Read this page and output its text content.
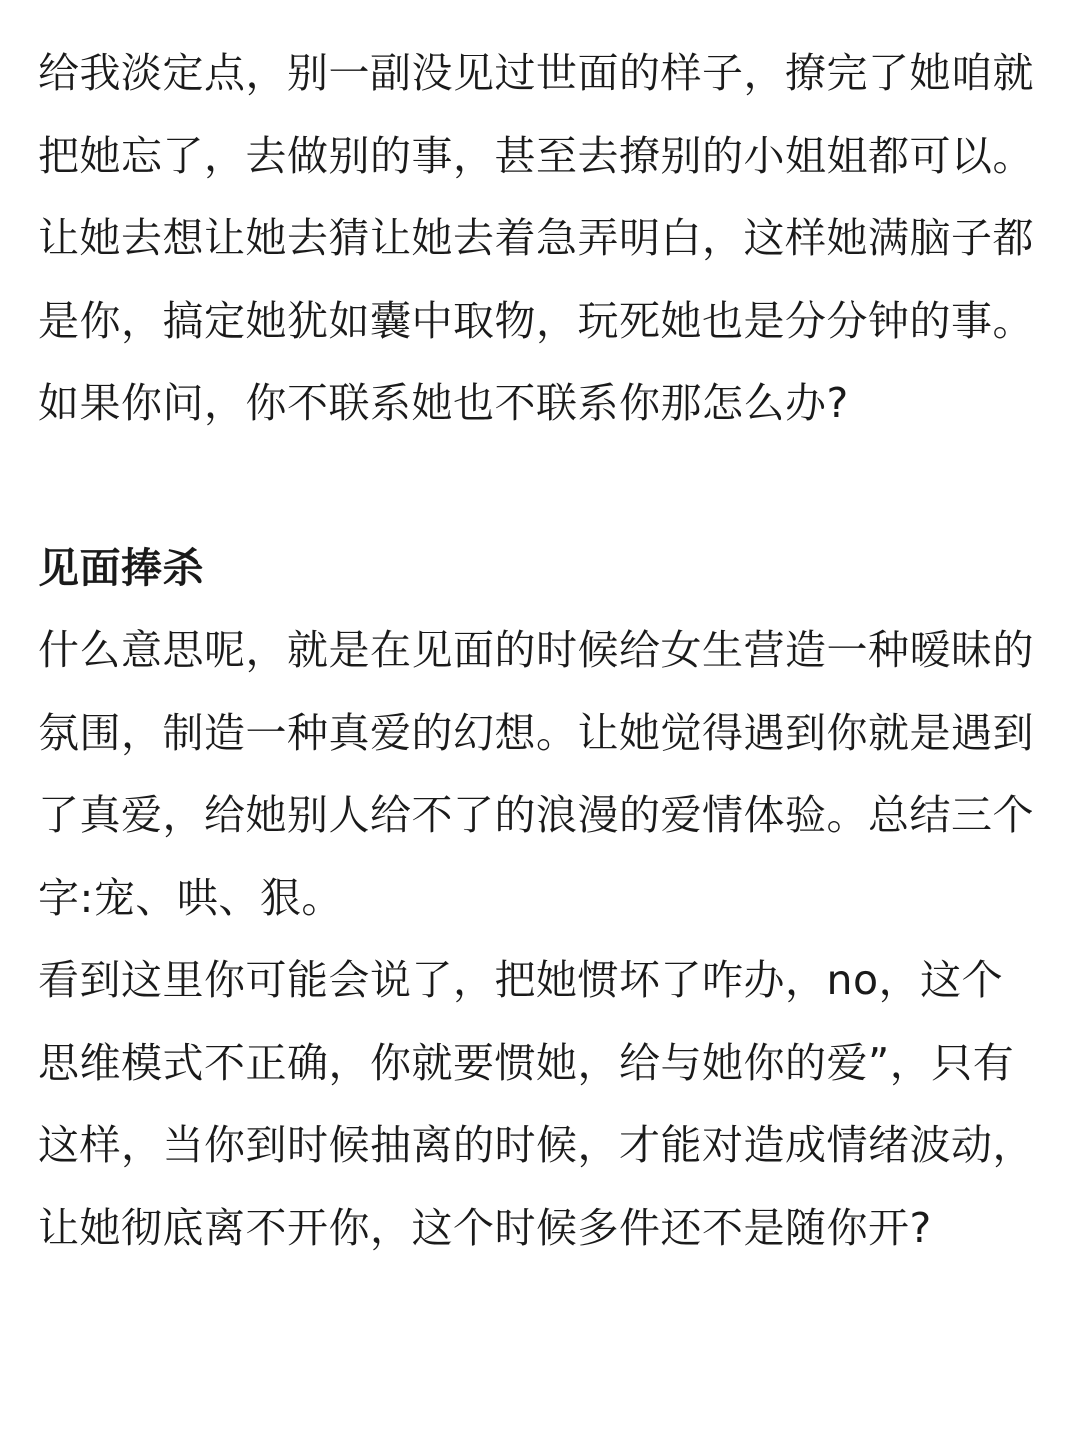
给我淡定点，别一副没见过世面的样子，撩完了她咱就把她忘了，去做别的事，甚至去撩别的小姐姐都可以。

让她去想让她去猜让她去着急弄明白，这样她满脑子都是你，搞定她犹如囊中取物，玩死她也是分分钟的事。如果你问，你不联系她也不联系你那怎么办?

见面捧杀

什么意思呢，就是在见面的时候给女生营造一种暧昧的氛围，制造一种真爱的幻想。让她觉得遇到你就是遇到了真爱，给她别人给不了的浪漫的爱情体验。总结三个字:宠、哄、狠。

看到这里你可能会说了，把她惯坏了咋办，no，这个思维模式不正确，你就要惯她，给与她你的爱”，只有这样，当你到时候抽离的时候，才能对造成情绪波动，让她彻底离不开你，这个时候多件还不是随你开?
